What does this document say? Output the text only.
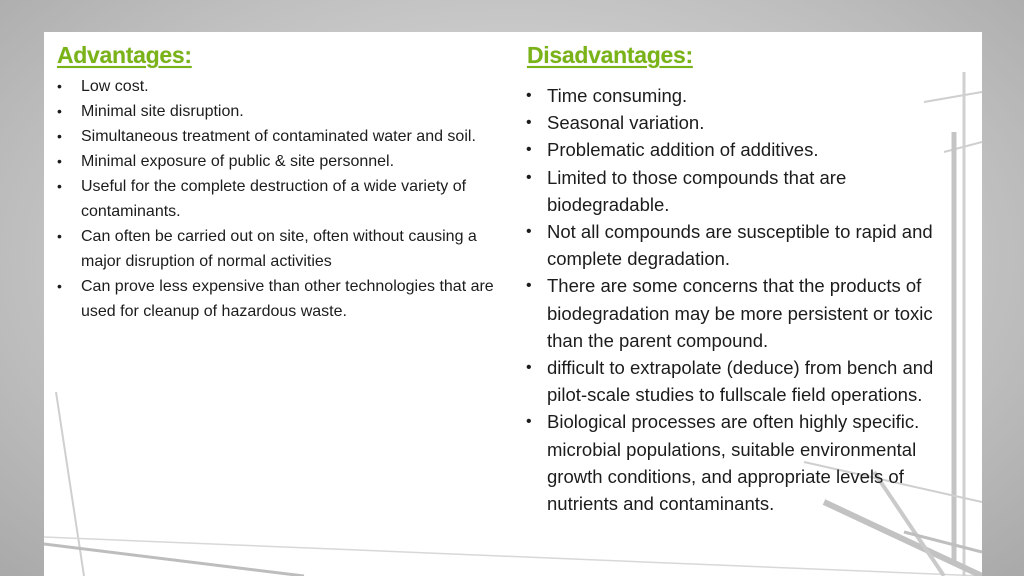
Advantages:
• Low cost.
• Minimal site disruption.
• Simultaneous treatment of contaminated water and soil.
• Minimal exposure of public & site personnel.
• Useful for the complete destruction of a wide variety of contaminants.
• Can often be carried out on site, often without causing a major disruption of normal activities
• Can prove less expensive than other technologies that are used for cleanup of hazardous waste.
Disadvantages:
• Time consuming.
• Seasonal variation.
• Problematic addition of additives.
• Limited to those compounds that are biodegradable.
• Not all compounds are susceptible to rapid and complete degradation.
• There are some concerns that the products of biodegradation may be more persistent or toxic than the parent compound.
• difficult to extrapolate (deduce) from bench and pilot-scale studies to fullscale field operations.
• Biological processes are often highly specific. microbial populations, suitable environmental growth conditions, and appropriate levels of nutrients and contaminants.
